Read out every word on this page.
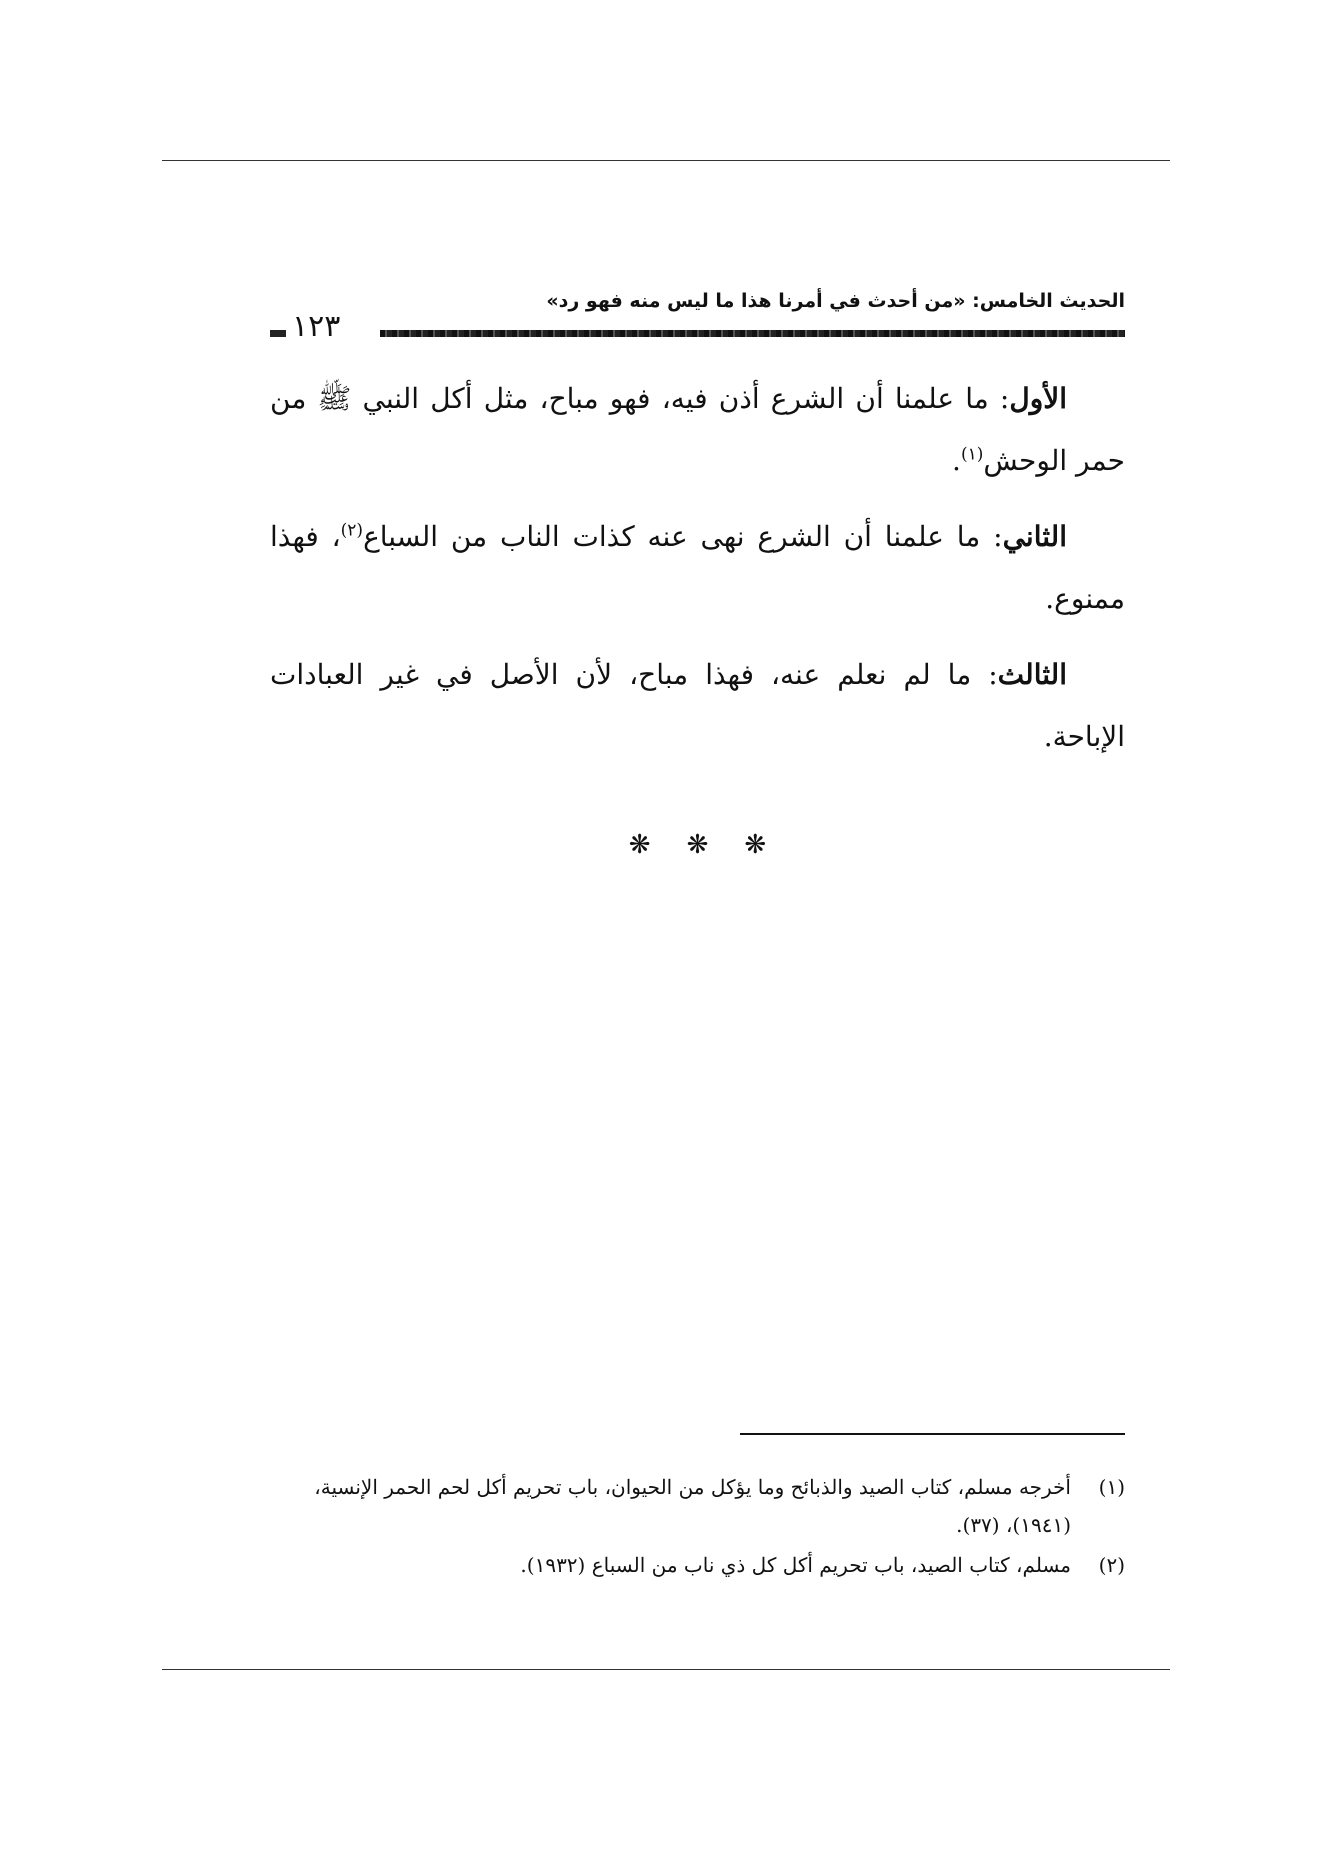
الحديث الخامس: «من أحدث في أمرنا هذا ما ليس منه فهو رد»
١٢٣

الأول: ما علمنا أن الشرع أذن فيه، فهو مباح، مثل أكل النبي ﷺ من حمر الوحش$^{(١)}$.

الثاني: ما علمنا أن الشرع نهى عنه كذات الناب من السباع$^{(٢)}$، فهذا ممنوع.

الثالث: ما لم نعلم عنه، فهذا مباح، لأن الأصل في غير العبادات الإباحة.

❋❋❋
(١)
أخرجه مسلم، كتاب الصيد والذبائح وما يؤكل من الحيوان، باب تحريم أكل لحم الحمر الإنسية، (١٩٤١)، (٣٧).
(٢)
مسلم، كتاب الصيد، باب تحريم أكل كل ذي ناب من السباع (١٩٣٢).
